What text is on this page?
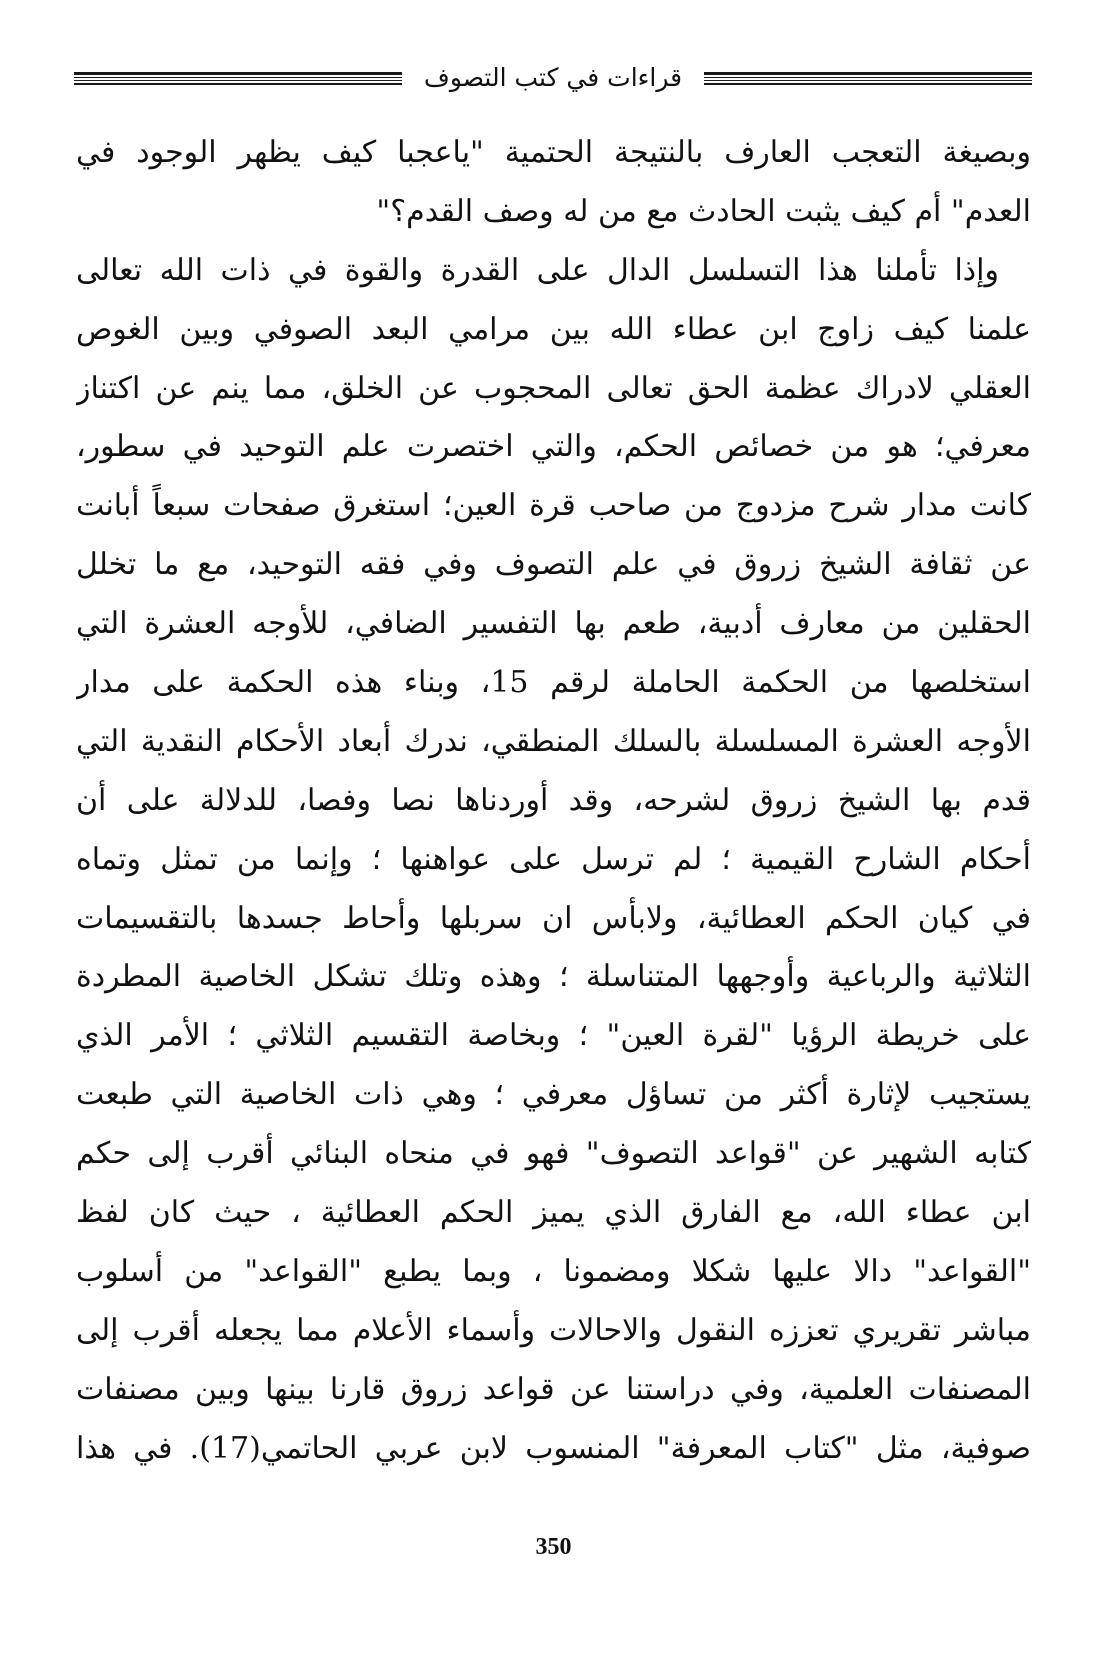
قراءات في كتب التصوف
وبصيغة التعجب العارف بالنتيجة الحتمية "ياعجبا كيف يظهر الوجود في
العدم" أم كيف يثبت الحادث مع من له وصف القدم؟"
وإذا تأملنا هذا التسلسل الدال على القدرة والقوة في ذات الله تعالى
علمنا كيف زاوج ابن عطاء الله بين مرامي البعد الصوفي وبين الغوص
العقلي لادراك عظمة الحق تعالى المحجوب عن الخلق، مما ينم عن اكتناز
معرفي؛ هو من خصائص الحكم، والتي اختصرت علم التوحيد في سطور،
كانت مدار شرح مزدوج من صاحب قرة العين؛ استغرق صفحات سبعاً أبانت
عن ثقافة الشيخ زروق في علم التصوف وفي فقه التوحيد، مع ما تخلل
الحقلين من معارف أدبية، طعم بها التفسير الضافي، للأوجه العشرة التي
استخلصها من الحكمة الحاملة لرقم 15، وبناء هذه الحكمة على مدار
الأوجه العشرة المسلسلة بالسلك المنطقي، ندرك أبعاد الأحكام النقدية التي
قدم بها الشيخ زروق لشرحه، وقد أوردناها نصا وفصا، للدلالة على أن
أحكام الشارح القيمية ؛ لم ترسل على عواهنها ؛ وإنما من تمثل وتماه
في كيان الحكم العطائية، ولابأس ان سربلها وأحاط جسدها بالتقسيمات
الثلاثية والرباعية وأوجهها المتناسلة ؛ وهذه وتلك تشكل الخاصية المطردة
على خريطة الرؤيا "لقرة العين" ؛ وبخاصة التقسيم الثلاثي ؛ الأمر الذي
يستجيب لإثارة أكثر من تساؤل معرفي ؛ وهي ذات الخاصية التي طبعت
كتابه الشهير عن "قواعد التصوف" فهو في منحاه البنائي أقرب إلى حكم
ابن عطاء الله، مع الفارق الذي يميز الحكم العطائية ، حيث كان لفظ
"القواعد" دالا عليها شكلا ومضمونا ، وبما يطبع "القواعد" من أسلوب
مباشر تقريري تعززه النقول والاحالات وأسماء الأعلام مما يجعله أقرب إلى
المصنفات العلمية، وفي دراستنا عن قواعد زروق قارنا بينها وبين مصنفات
صوفية، مثل "كتاب المعرفة" المنسوب لابن عربي الحاتمي(17). في هذا
350
